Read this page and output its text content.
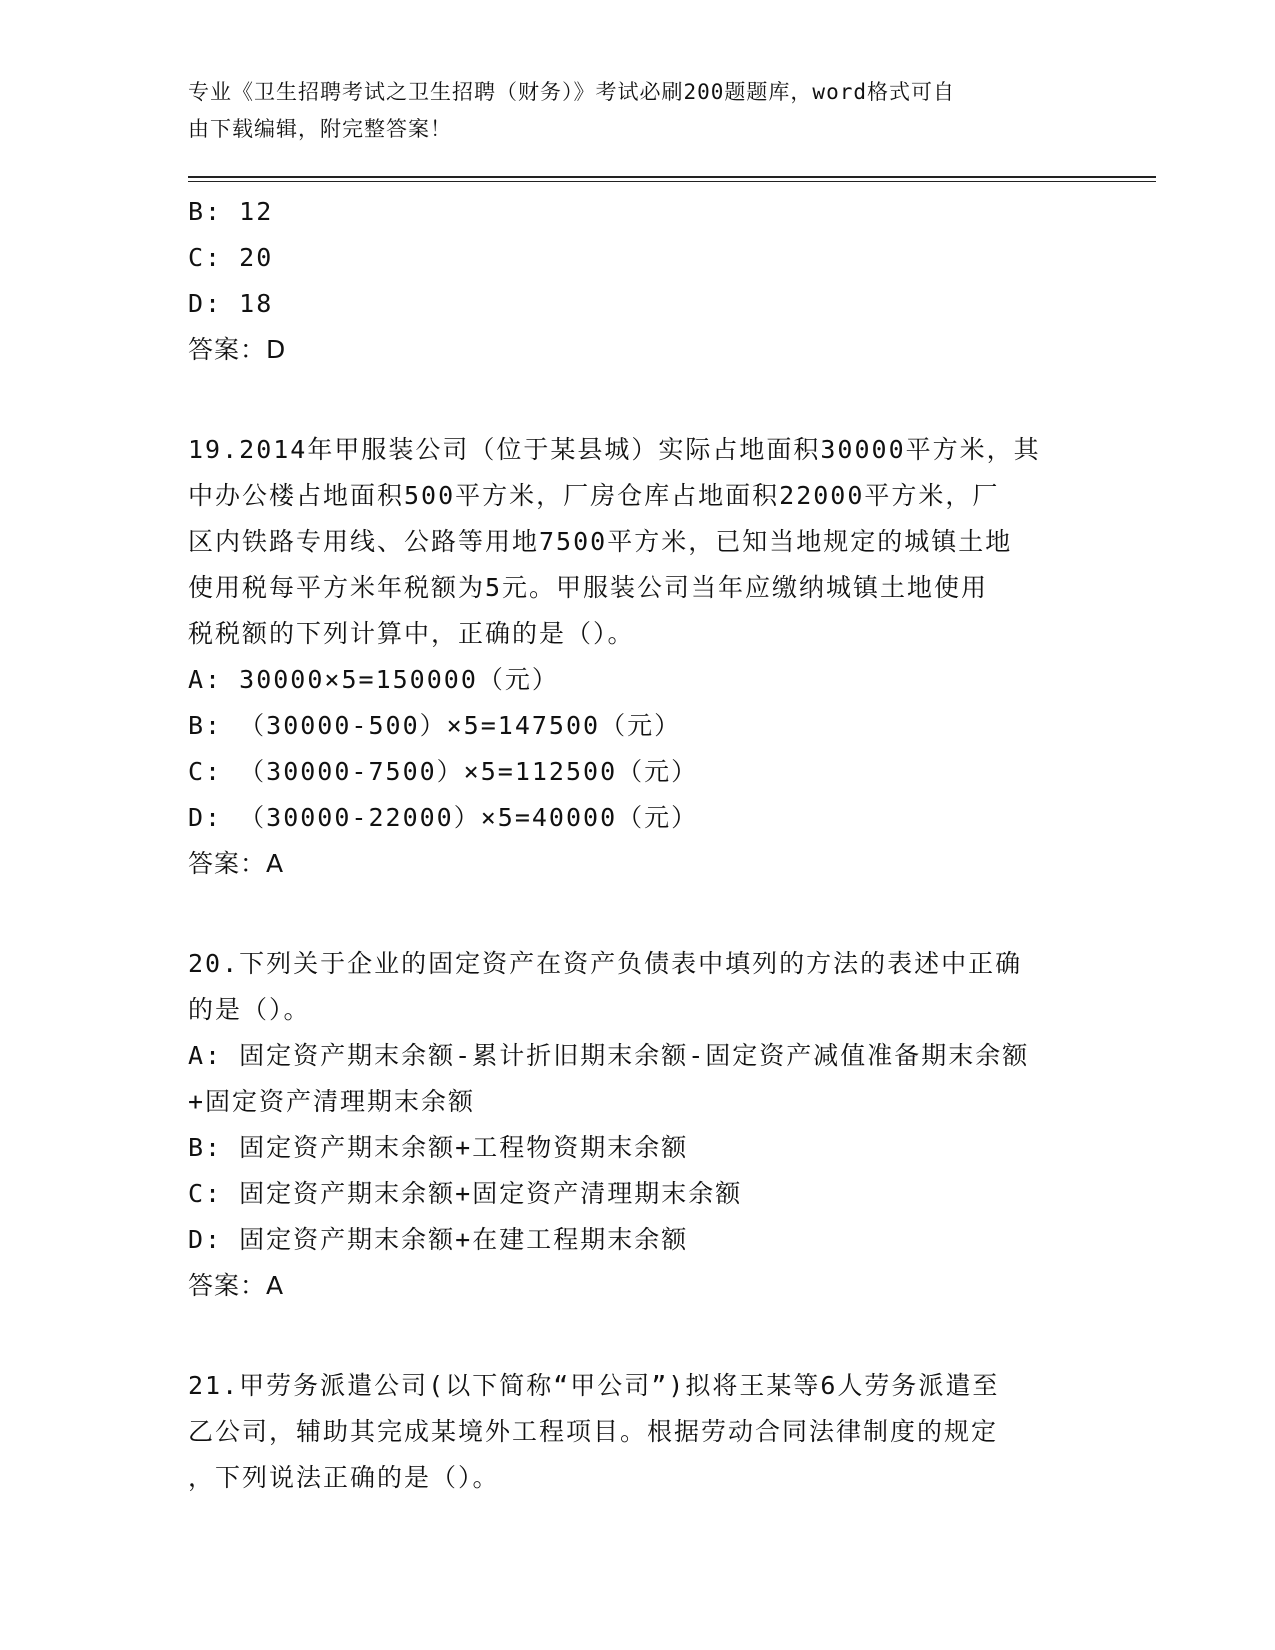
专业《卫生招聘考试之卫生招聘（财务）》考试必刷200题题库，word格式可自
由下载编辑，附完整答案！

B: 12

C: 20

D: 18

答案：D

19.2014年甲服装公司（位于某县城）实际占地面积30000平方米，其

中办公楼占地面积500平方米，厂房仓库占地面积22000平方米，厂

区内铁路专用线、公路等用地7500平方米，已知当地规定的城镇土地

使用税每平方米年税额为5元。甲服装公司当年应缴纳城镇土地使用

税税额的下列计算中，正确的是（）。

A: 30000×5=150000（元）

B: （30000-500）×5=147500（元）

C: （30000-7500）×5=112500（元）

D: （30000-22000）×5=40000（元）

答案：A

20.下列关于企业的固定资产在资产负债表中填列的方法的表述中正确

的是（）。

A: 固定资产期末余额-累计折旧期末余额-固定资产减值准备期末余额

+固定资产清理期末余额

B: 固定资产期末余额+工程物资期末余额

C: 固定资产期末余额+固定资产清理期末余额

D: 固定资产期末余额+在建工程期末余额

答案：A

21.甲劳务派遣公司(以下简称“甲公司”)拟将王某等6人劳务派遣至

乙公司，辅助其完成某境外工程项目。根据劳动合同法律制度的规定

，下列说法正确的是（）。
